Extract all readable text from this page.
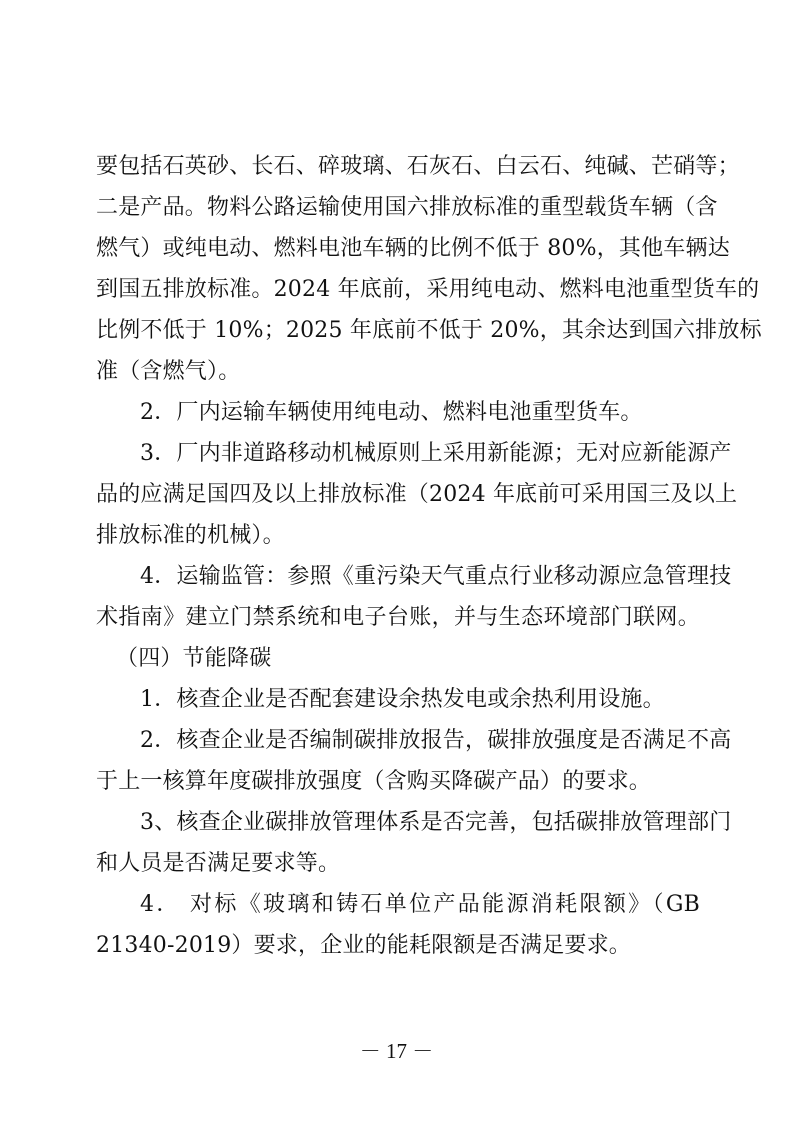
要包括石英砂、长石、碎玻璃、石灰石、白云石、纯碱、芒硝等；
二是产品。物料公路运输使用国六排放标准的重型载货车辆（含
燃气）或纯电动、燃料电池车辆的比例不低于 80%，其他车辆达
到国五排放标准。2024 年底前，采用纯电动、燃料电池重型货车的
比例不低于 10%；2025 年底前不低于 20%，其余达到国六排放标
准（含燃气）。
2．厂内运输车辆使用纯电动、燃料电池重型货车。
3．厂内非道路移动机械原则上采用新能源；无对应新能源产
品的应满足国四及以上排放标准（2024 年底前可采用国三及以上
排放标准的机械）。
4．运输监管：参照《重污染天气重点行业移动源应急管理技
术指南》建立门禁系统和电子台账，并与生态环境部门联网。
（四）节能降碳
1．核查企业是否配套建设余热发电或余热利用设施。
2．核查企业是否编制碳排放报告，碳排放强度是否满足不高
于上一核算年度碳排放强度（含购买降碳产品）的要求。
3、核查企业碳排放管理体系是否完善，包括碳排放管理部门
和人员是否满足要求等。
4． 对标《玻璃和铸石单位产品能源消耗限额》（GB
21340-2019）要求，企业的能耗限额是否满足要求。
－ 17 －
